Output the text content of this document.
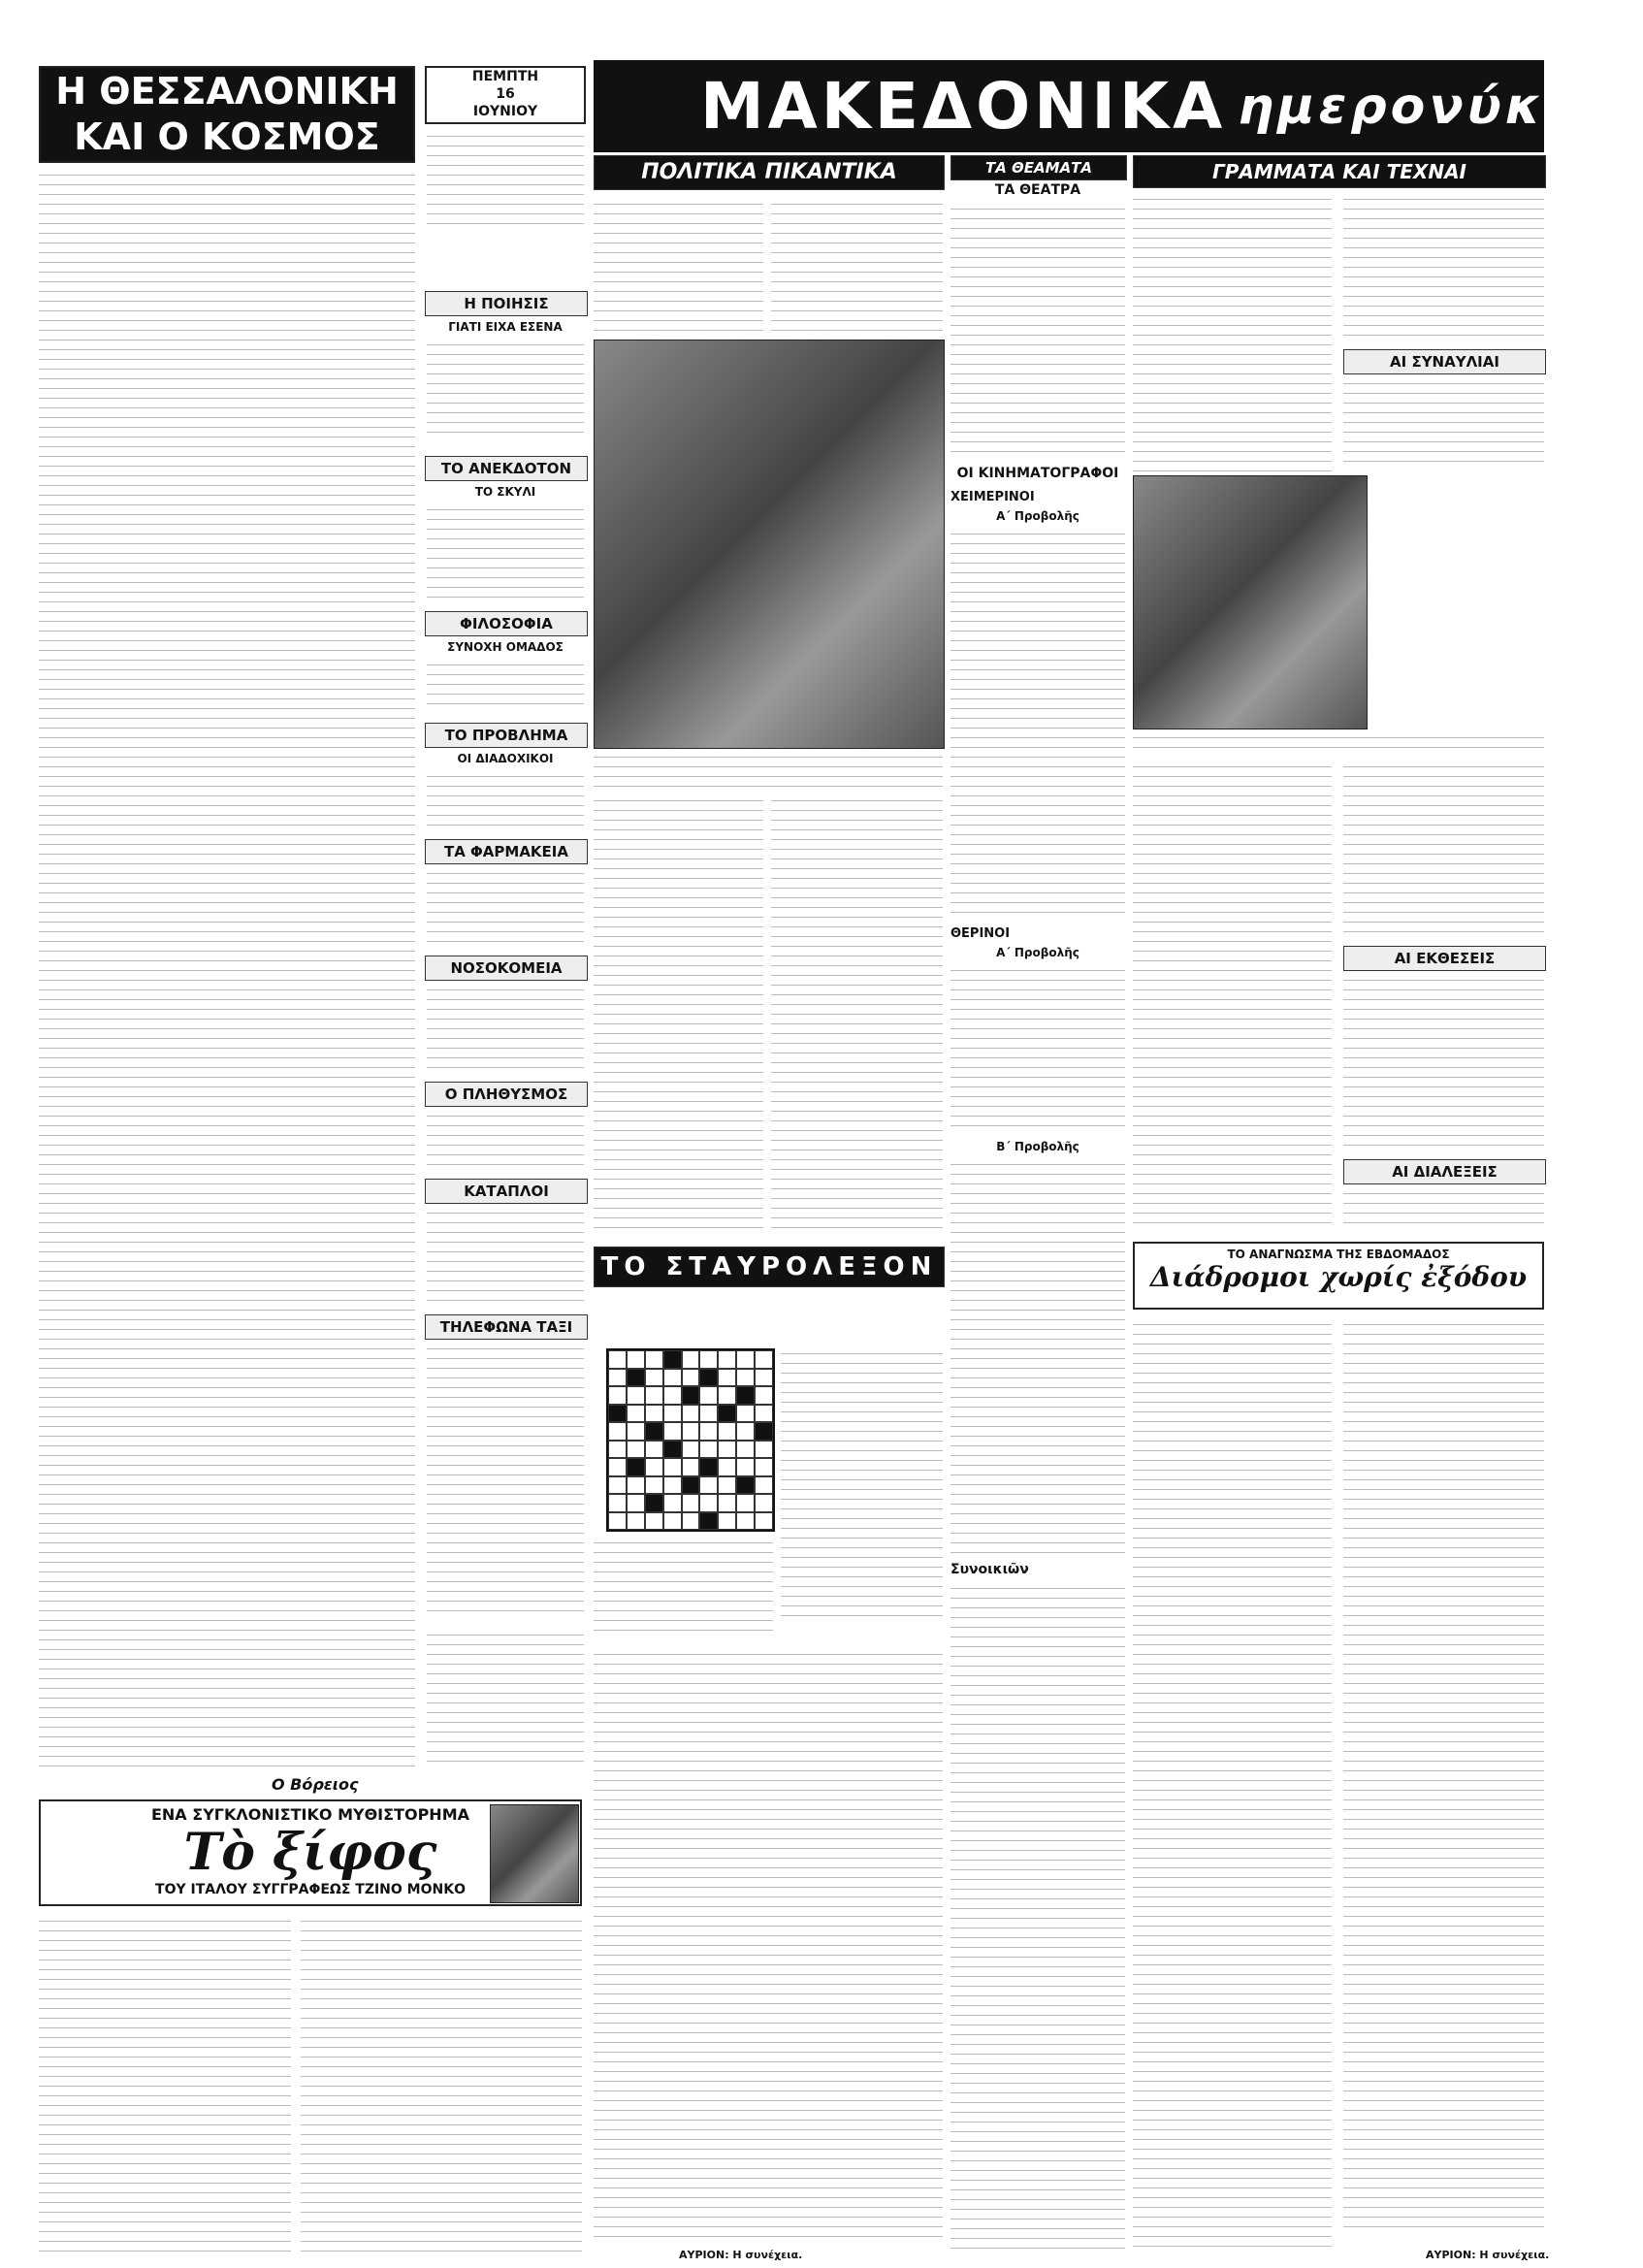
Η ΘΕΣΣΑΛΟΝΙΚΗ
ΚΑΙ Ο ΚΟΣΜΟΣ
Ο Βόρειος
ΠΕΜΠΤΗ
16
ΙΟΥΝΙΟΥ
Η ΠΟΙΗΣΙΣ
ΓΙΑΤΙ ΕΙΧΑ ΕΣΕΝΑ
ΤΟ ΑΝΕΚΔΟΤΟΝ
ΤΟ ΣΚΥΛΙ
ΦΙΛΟΣΟΦΙΑ
ΣΥΝΟΧΗ ΟΜΑΔΟΣ
ΤΟ ΠΡΟΒΛΗΜΑ
ΟΙ ΔΙΑΔΟΧΙΚΟΙ
ΤΑ ΦΑΡΜΑΚΕΙΑ
ΝΟΣΟΚΟΜΕΙΑ
Ο ΠΛΗΘΥΣΜΟΣ
ΚΑΤΑΠΛΟΙ
ΤΗΛΕΦΩΝΑ ΤΑΞΙ
ΜΑΚΕΔΟΝΙΚΑ ημερονύκτια
ΠΟΛΙΤΙΚΑ ΠΙΚΑΝΤΙΚΑ
ΤΟ ΣΤΑΥΡΟΛΕΞΟΝ
ΤΑ ΘΕΑΜΑΤΑ
ΤΑ ΘΕΑΤΡΑ
ΟΙ ΚΙΝΗΜΑΤΟΓΡΑΦΟΙ
ΧΕΙΜΕΡΙΝΟΙ
Α΄ Προβολῆς
ΘΕΡΙΝΟΙ
Α΄ Προβολῆς
Β΄ Προβολῆς
Συνοικιῶν
ΓΡΑΜΜΑΤΑ ΚΑΙ ΤΕΧΝΑΙ
ΑΙ ΣΥΝΑΥΛΙΑΙ
ΑΙ ΕΚΘΕΣΕΙΣ
ΑΙ ΔΙΑΛΕΞΕΙΣ
ΤΟ ΑΝΑΓΝΩΣΜΑ ΤΗΣ ΕΒΔΟΜΑΔΟΣ
Διάδρομοι χωρίς ἐξόδου
ΑΥΡΙΟΝ: Η συνέχεια.
ΕΝΑ ΣΥΓΚΛΟΝΙΣΤΙΚΟ ΜΥΘΙΣΤΟΡΗΜΑ
Τὸ ξίφος
ΤΟΥ ΙΤΑΛΟΥ ΣΥΓΓΡΑΦΕΩΣ ΤΖΙΝΟ ΜΟΝΚΟ
ΑΥΡΙΟΝ: Η συνέχεια.
